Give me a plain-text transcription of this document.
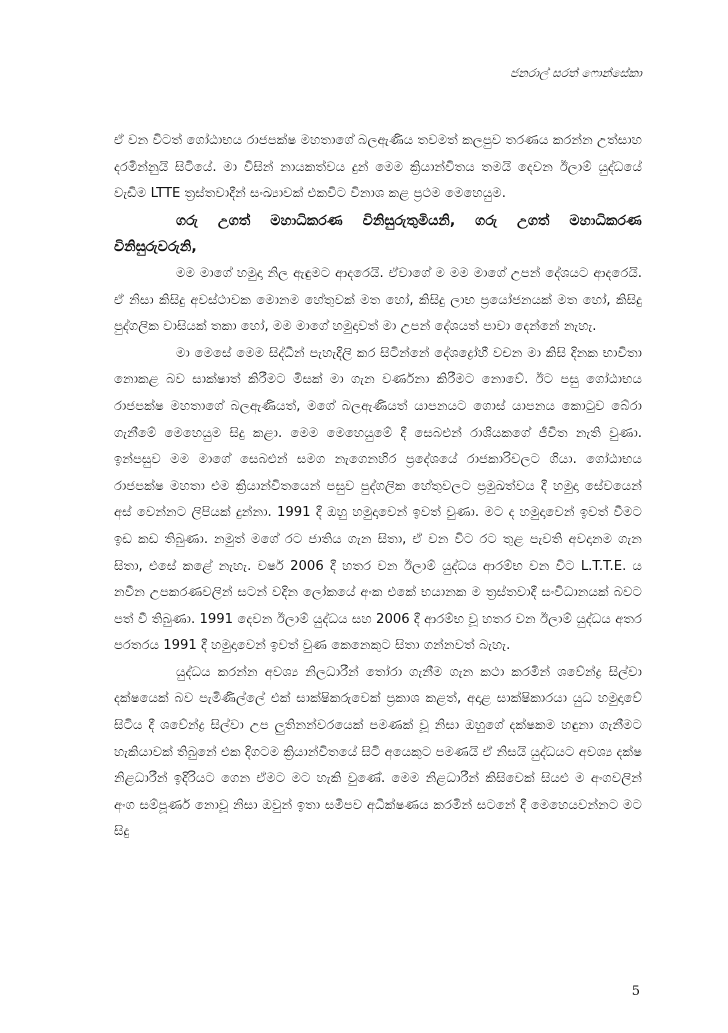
ජනරාල් සරත් ෆොන්සේකා

ඒ වන විටත් ගෝඨාභය රාජපක්ෂ මහතාගේ බලඇණිය තවමත් කලපුව තරණය කරන්න උත්සාහ දරමින්නුයි සිටියේ. මා විසින් නායකත්වය දුන් මෙම ක්‍රියාන්විතය තමයි දෙවන ඊලාම් යුද්ධයේ වැඩිම LTTE ත්‍රස්තවාදීන් සංඛ්‍යාවක් එකවිට විනාශ කළ ප්‍රථම මෙහෙයුම.

ගරු උගත් මහාධිකරණ විනිසුරුතුමියනි, ගරු උගත් මහාධිකරණ විනිසුරුවරුනි,

මම මාගේ හමුදා නිල ඇඳුමට ආදරෙයි. ඒවාගේ ම මම මාගේ උපන් දේශයට ආදරෙයි. ඒ නිසා කිසිදු අවස්ථාවක මොනම හේතුවක් මත හෝ, කිසිදු ලාභ ප්‍රයෝජනයක් මත හෝ, කිසිදු පුද්ගලික වාසියක් තකා හෝ, මම මාගේ හමුදාවත් මා උපන් දේශයත් පාවා දෙන්නේ නැහැ.

මා මෙසේ මෙම සිද්ධීන් පැහැදිලි කර සිටින්නේ දේශද්‍රෝහී වචන මා කිසි දිනක භාවිතා නොකළ බව සාක්ෂාත් කිරීමට මිසක් මා ගැන වර්ණනා කිරීමට නොවේ. ඊට පසු ගෝඨාභය රාජපක්ෂ මහතාගේ බලඇණියත්, මගේ බලඇණියත් යාපනයට ගොස් යාපනය කොටුව බේරා ගැනීමේ මෙහෙයුම සිදු කළා. මෙම මෙහෙයුමේ දී සෙබළුන් රාශියකගේ ජීවිත නැති වුණා. ඉන්පසුව මම මාගේ සෙබළුන් සමග නැගෙනහිර ප්‍රදේශයේ රාජකාරිවලට ගියා. ගෝඨාභය රාජපක්ෂ මහතා එම ක්‍රියාන්විතයෙන් පසුව පුද්ගලික හේතුවලට ප්‍රමුඛත්වය දී හමුදා සේවයෙන් අස් වෙන්නට ලිපියක් දුන්නා. 1991 දී ඔහු හමුදාවෙන් ඉවත් වුණා. මට ද හමුදාවෙන් ඉවත් වීමට ඉඩ කඩ තිබුණා. නමුත් මගේ රට ජාතිය ගැන සිතා, ඒ වන විට රට තුළ පැවති අවදානම ගැන සිතා, එසේ කළේ නැහැ. වර්ෂ 2006 දී හතර වන ඊලාම් යුද්ධය ආරම්භ වන විට L.T.T.E. ය නවීන උපකරණවලින් සටන් වදින ලෝකයේ අංක එකේ භයානක ම ත්‍රස්තවාදී සංවිධානයක් බවට පත් වී තිබුණා. 1991 දෙවන ඊලාම් යුද්ධය සහ 2006 දී ආරම්භ වූ හතර වන ඊලාම් යුද්ධය අතර පරතරය 1991 දී හමුදාවෙන් ඉවත් වුණ කෙනෙකුට සිතා ගන්නවත් බැහැ.

යුද්ධය කරන්න අවශ්‍ය නිලධාරීන් තෝරා ගැනීම ගැන කථා කරමින් ශවේන්ද්‍ර සිල්වා දක්ෂයෙක් බව පැමිණිල්ලේ එක් සාක්ෂිකරුවෙක් ප්‍රකාශ කළත්, අදාළ සාක්ෂිකාරයා යුධ හමුදාවේ සිටිය දී ශවේන්ද්‍ර සිල්වා උප ලුතිනන්වරයෙක් පමණක් වූ නිසා ඔහුගේ දක්ෂකම හඳුනා ගැනීමට හැකියාවක් තිබුනේ එක දිගටම ක්‍රියාන්විතයේ සිටි අයෙකුට පමණයි ඒ නිසයි යුද්ධයට අවශ්‍ය දක්ෂ නිළධාරීන් ඉදිරියට ගෙන ඒමට මට හැකි වුණේ. මෙම නිළධාරීන් කිසිවෙක් සියළු ම අංගවලින් අංග සම්පූර්ණ නොවූ නිසා ඔවුන් ඉතා සමීපව අධීක්ෂණය කරමින් සටනේ දී මෙහෙයවන්නට මට සිදු

5
